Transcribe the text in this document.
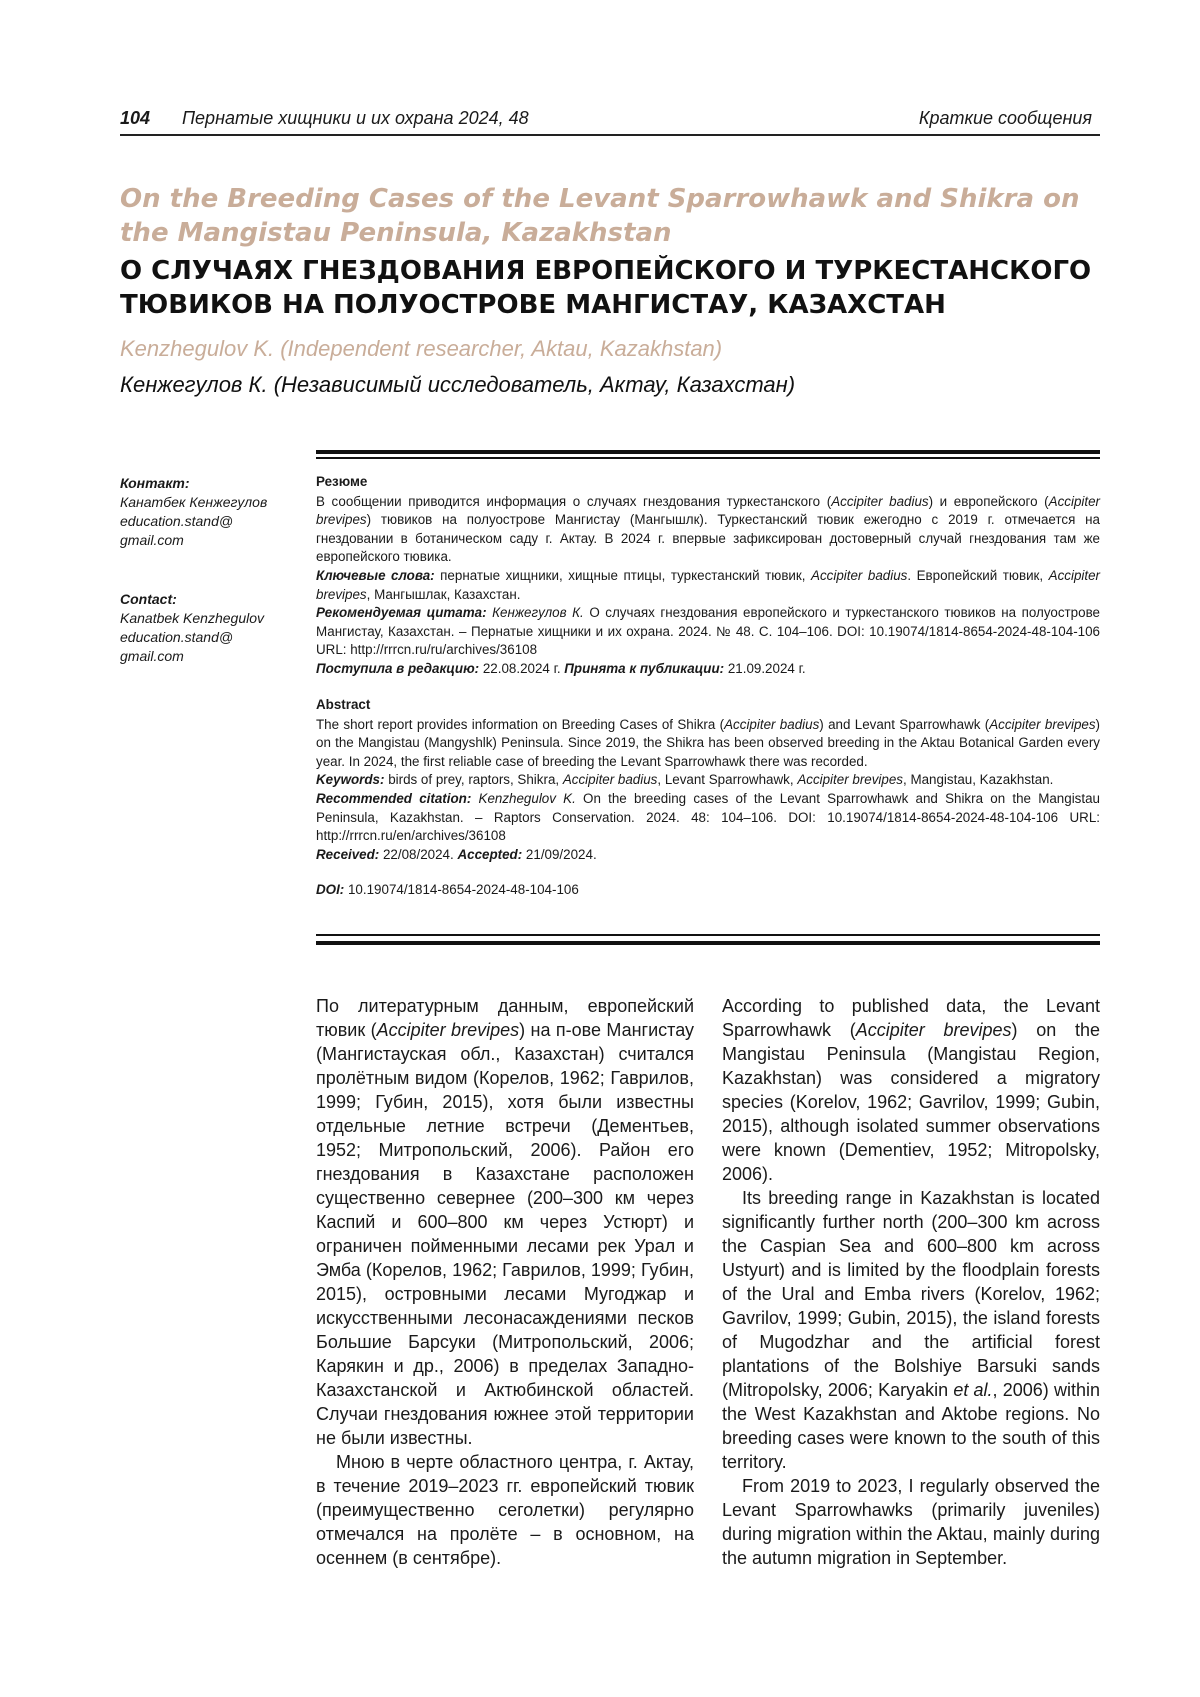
104 Пернатые хищники и их охрана 2024, 48	Краткие сообщения
On the Breeding Cases of the Levant Sparrowhawk and Shikra on
the Mangistau Peninsula, Kazakhstan
О СЛУЧАЯХ ГНЕЗДОВАНИЯ ЕВРОПЕЙСКОГО И ТУРКЕСТАНСКОГО
ТЮВИКОВ НА ПОЛУОСТРОВЕ МАНГИСТАУ, КАЗАХСТАН
Kenzhegulov K. (Independent researcher, Aktau, Kazakhstan)
Кенжегулов К. (Независимый исследователь, Актау, Казахстан)
Контакт:
Канатбек Кенжегулов
education.stand@
gmail.com
Contact:
Kanatbek Kenzhegulov
education.stand@
gmail.com

Резюме

В сообщении приводится информация о случаях гнездования туркестанского (Accipiter badius) и европейского (Accipiter brevipes) тювиков на полуострове Мангистау (Мангышлк). Туркестанский тювик ежегодно с 2019 г. отмечается на гнездовании в ботаническом саду г. Актау. В 2024 г. впервые зафиксирован достоверный случай гнездования там же европейского тювика.

Ключевые слова: пернатые хищники, хищные птицы, туркестанский тювик, Accipiter badius. Европейский тювик, Accipiter brevipes, Мангышлак, Казахстан.

Рекомендуемая цитата: Кенжегулов К. О случаях гнездования европейского и туркестанского тювиков на полуострове Мангистау, Казахстан. – Пернатые хищники и их охрана. 2024. № 48. С. 104–106. DOI: 10.19074/1814-8654-2024-48-104-106 URL: http://rrrcn.ru/ru/archives/36108

Поступила в редакцию: 22.08.2024 г. Принята к публикации: 21.09.2024 г.

Abstract

The short report provides information on Breeding Cases of Shikra (Accipiter badius) and Levant Sparrowhawk (Accipiter brevipes) on the Mangistau (Mangyshlk) Peninsula. Since 2019, the Shikra has been observed breeding in the Aktau Botanical Garden every year. In 2024, the first reliable case of breeding the Levant Sparrowhawk there was recorded.

Keywords: birds of prey, raptors, Shikra, Accipiter badius, Levant Sparrowhawk, Accipiter brevipes, Mangistau, Kazakhstan.

Recommended citation: Kenzhegulov K. On the breeding cases of the Levant Sparrowhawk and Shikra on the Mangistau Peninsula, Kazakhstan. – Raptors Conservation. 2024. 48: 104–106. DOI: 10.19074/1814-8654-2024-48-104-106 URL: http://rrrcn.ru/en/archives/36108

Received: 22/08/2024. Accepted: 21/09/2024.

DOI: 10.19074/1814-8654-2024-48-104-106

По литературным данным, европейский тювик (Accipiter brevipes) на п-ове Мангистау (Мангистауская обл., Казахстан) считался пролётным видом (Корелов, 1962; Гаврилов, 1999; Губин, 2015), хотя были известны отдельные летние встречи (Дементьев, 1952; Митропольский, 2006). Район его гнездования в Казахстане расположен существенно севернее (200–300 км через Каспий и 600–800 км через Устюрт) и ограничен пойменными лесами рек Урал и Эмба (Корелов, 1962; Гаврилов, 1999; Губин, 2015), островными лесами Мугоджар и искусственными лесонасаждениями песков Большие Барсуки (Митропольский, 2006; Карякин и др., 2006) в пределах Западно-Казахстанской и Актюбинской областей. Случаи гнездования южнее этой территории не были известны.

Мною в черте областного центра, г. Актау, в течение 2019–2023 гг. европейский тювик (преимущественно сеголетки) регулярно отмечался на пролёте – в основном, на осеннем (в сентябре).

According to published data, the Levant Sparrowhawk (Accipiter brevipes) on the Mangistau Peninsula (Mangistau Region, Kazakhstan) was considered a migratory species (Korelov, 1962; Gavrilov, 1999; Gubin, 2015), although isolated summer observations were known (Dementiev, 1952; Mitropolsky, 2006).

Its breeding range in Kazakhstan is located significantly further north (200–300 km across the Caspian Sea and 600–800 km across Ustyurt) and is limited by the floodplain forests of the Ural and Emba rivers (Korelov, 1962; Gavrilov, 1999; Gubin, 2015), the island forests of Mugodzhar and the artificial forest plantations of the Bolshiye Barsuki sands (Mitropolsky, 2006; Karyakin et al., 2006) within the West Kazakhstan and Aktobe regions. No breeding cases were known to the south of this territory.

From 2019 to 2023, I regularly observed the Levant Sparrowhawks (primarily juveniles) during migration within the Aktau, mainly during the autumn migration in September.
